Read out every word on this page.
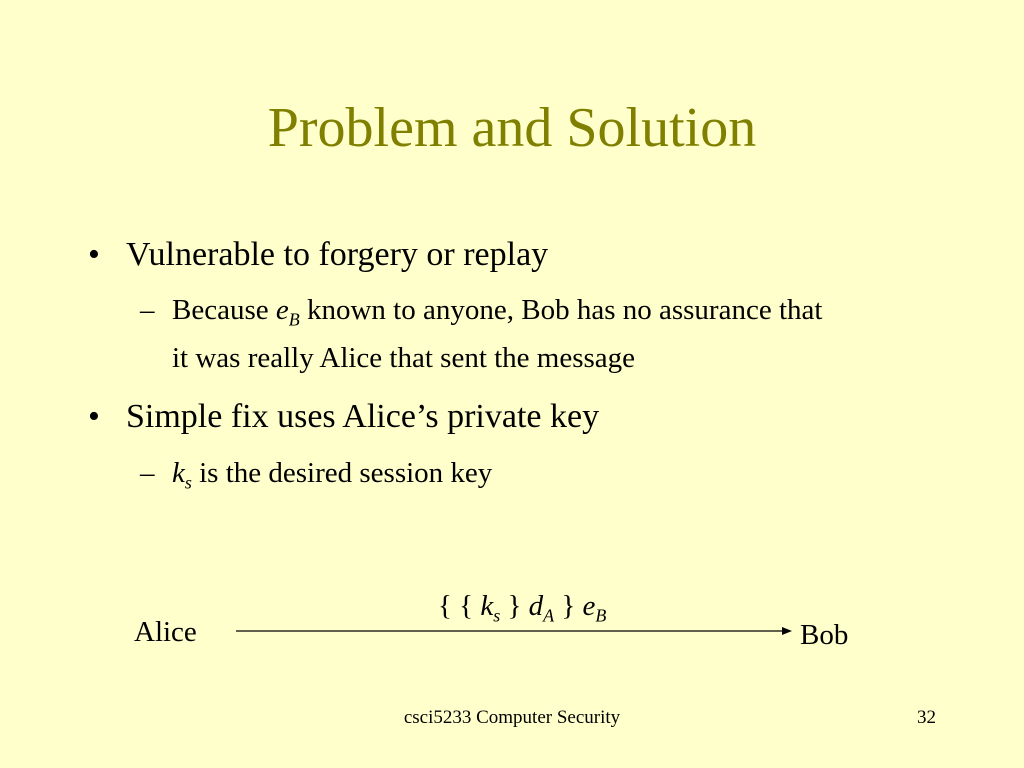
Problem and Solution
• Vulnerable to forgery or replay
– Because $e_B$ known to anyone, Bob has no assurance that
it was really Alice that sent the message
• Simple fix uses Alice’s private key
– $k_s$ is the desired session key
{ { $k_s$ } $d_A$ } $e_B$
Alice	Bob
csci5233 Computer Security	32
